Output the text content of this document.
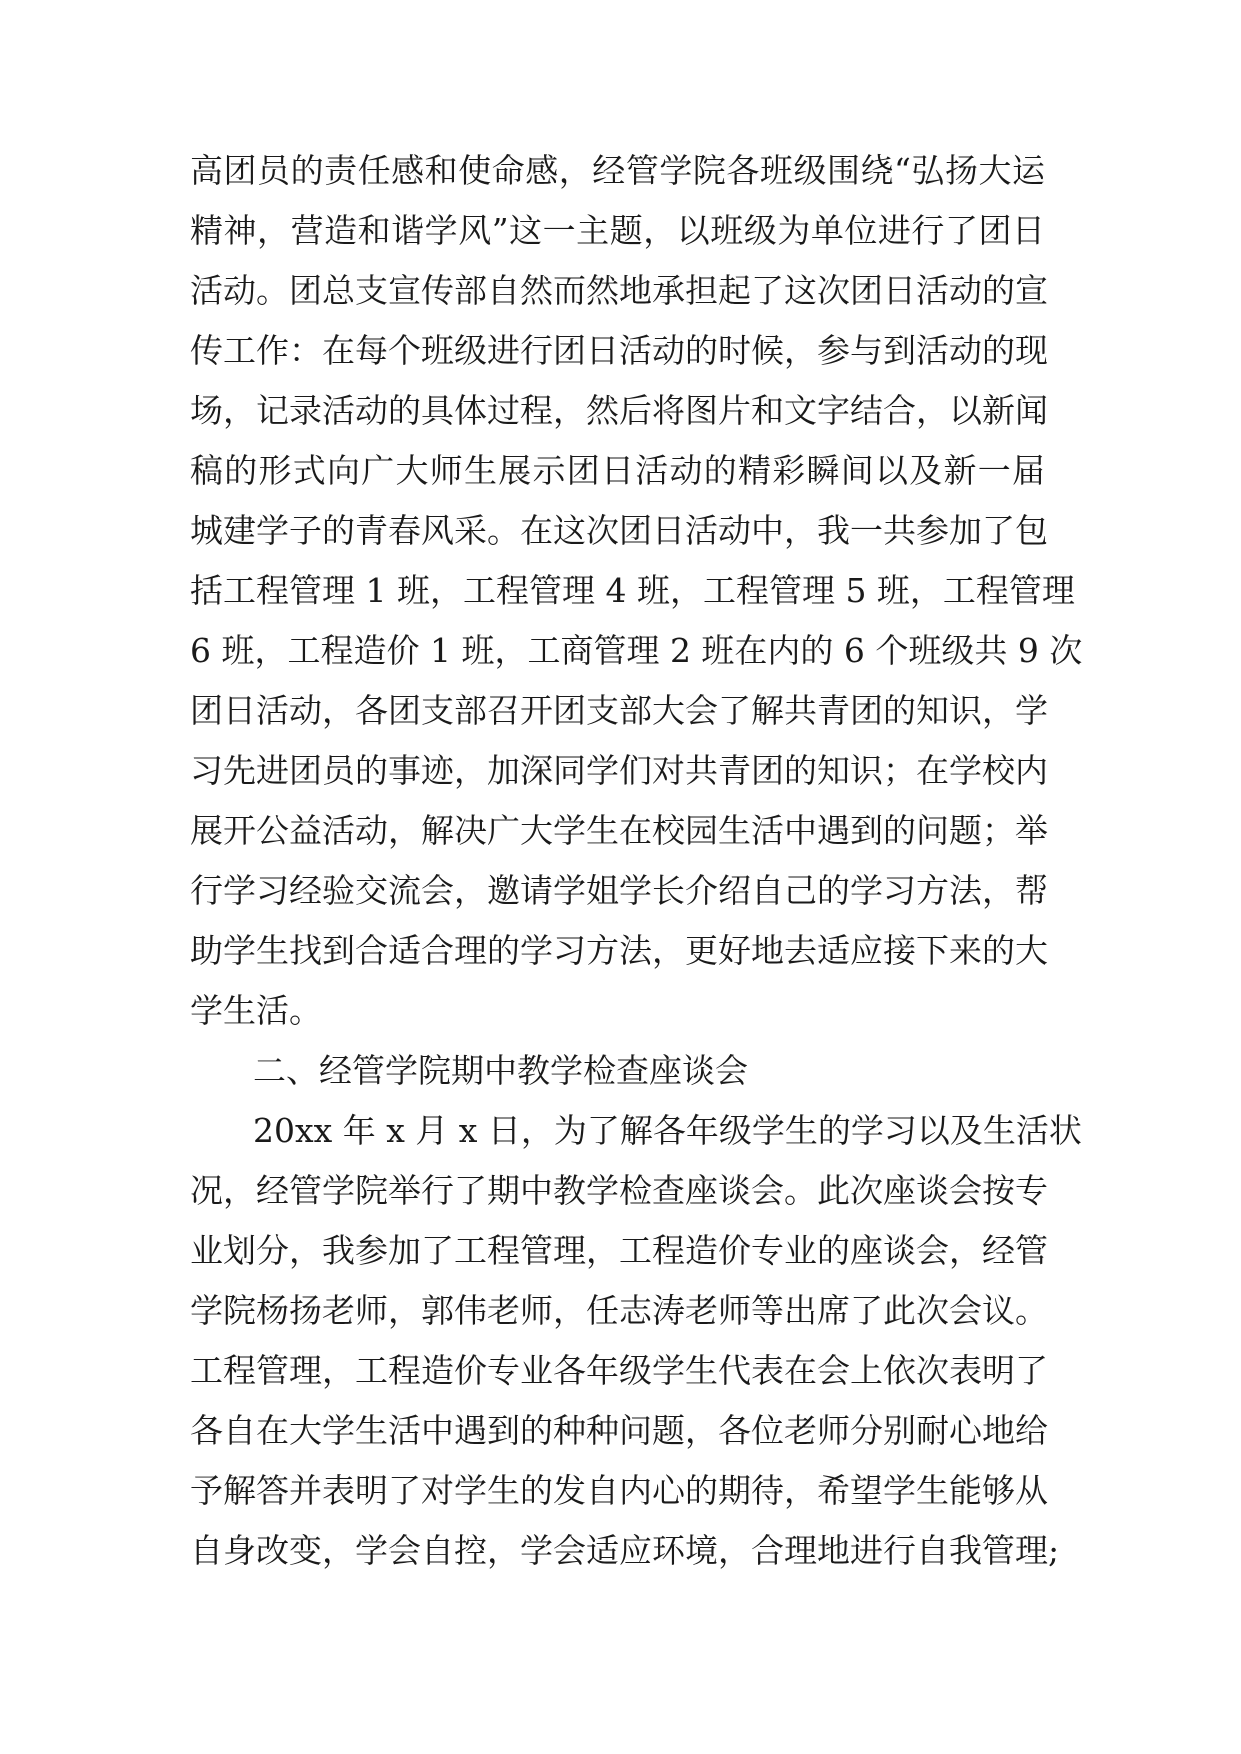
高团员的责任感和使命感，经管学院各班级围绕“弘扬大运
精神，营造和谐学风”这一主题，以班级为单位进行了团日
活动。团总支宣传部自然而然地承担起了这次团日活动的宣
传工作：在每个班级进行团日活动的时候，参与到活动的现
场，记录活动的具体过程，然后将图片和文字结合，以新闻
稿的形式向广大师生展示团日活动的精彩瞬间以及新一届
城建学子的青春风采。在这次团日活动中，我一共参加了包
括工程管理 1 班，工程管理 4 班，工程管理 5 班，工程管理
6 班，工程造价 1 班，工商管理 2 班在内的 6 个班级共 9 次
团日活动，各团支部召开团支部大会了解共青团的知识，学
习先进团员的事迹，加深同学们对共青团的知识；在学校内
展开公益活动，解决广大学生在校园生活中遇到的问题；举
行学习经验交流会，邀请学姐学长介绍自己的学习方法，帮
助学生找到合适合理的学习方法，更好地去适应接下来的大
学生活。
二、经管学院期中教学检查座谈会
20xx 年 x 月 x 日，为了解各年级学生的学习以及生活状
况，经管学院举行了期中教学检查座谈会。此次座谈会按专
业划分，我参加了工程管理，工程造价专业的座谈会，经管
学院杨扬老师，郭伟老师，任志涛老师等出席了此次会议。
工程管理，工程造价专业各年级学生代表在会上依次表明了
各自在大学生活中遇到的种种问题，各位老师分别耐心地给
予解答并表明了对学生的发自内心的期待，希望学生能够从
自身改变，学会自控，学会适应环境，合理地进行自我管理;
